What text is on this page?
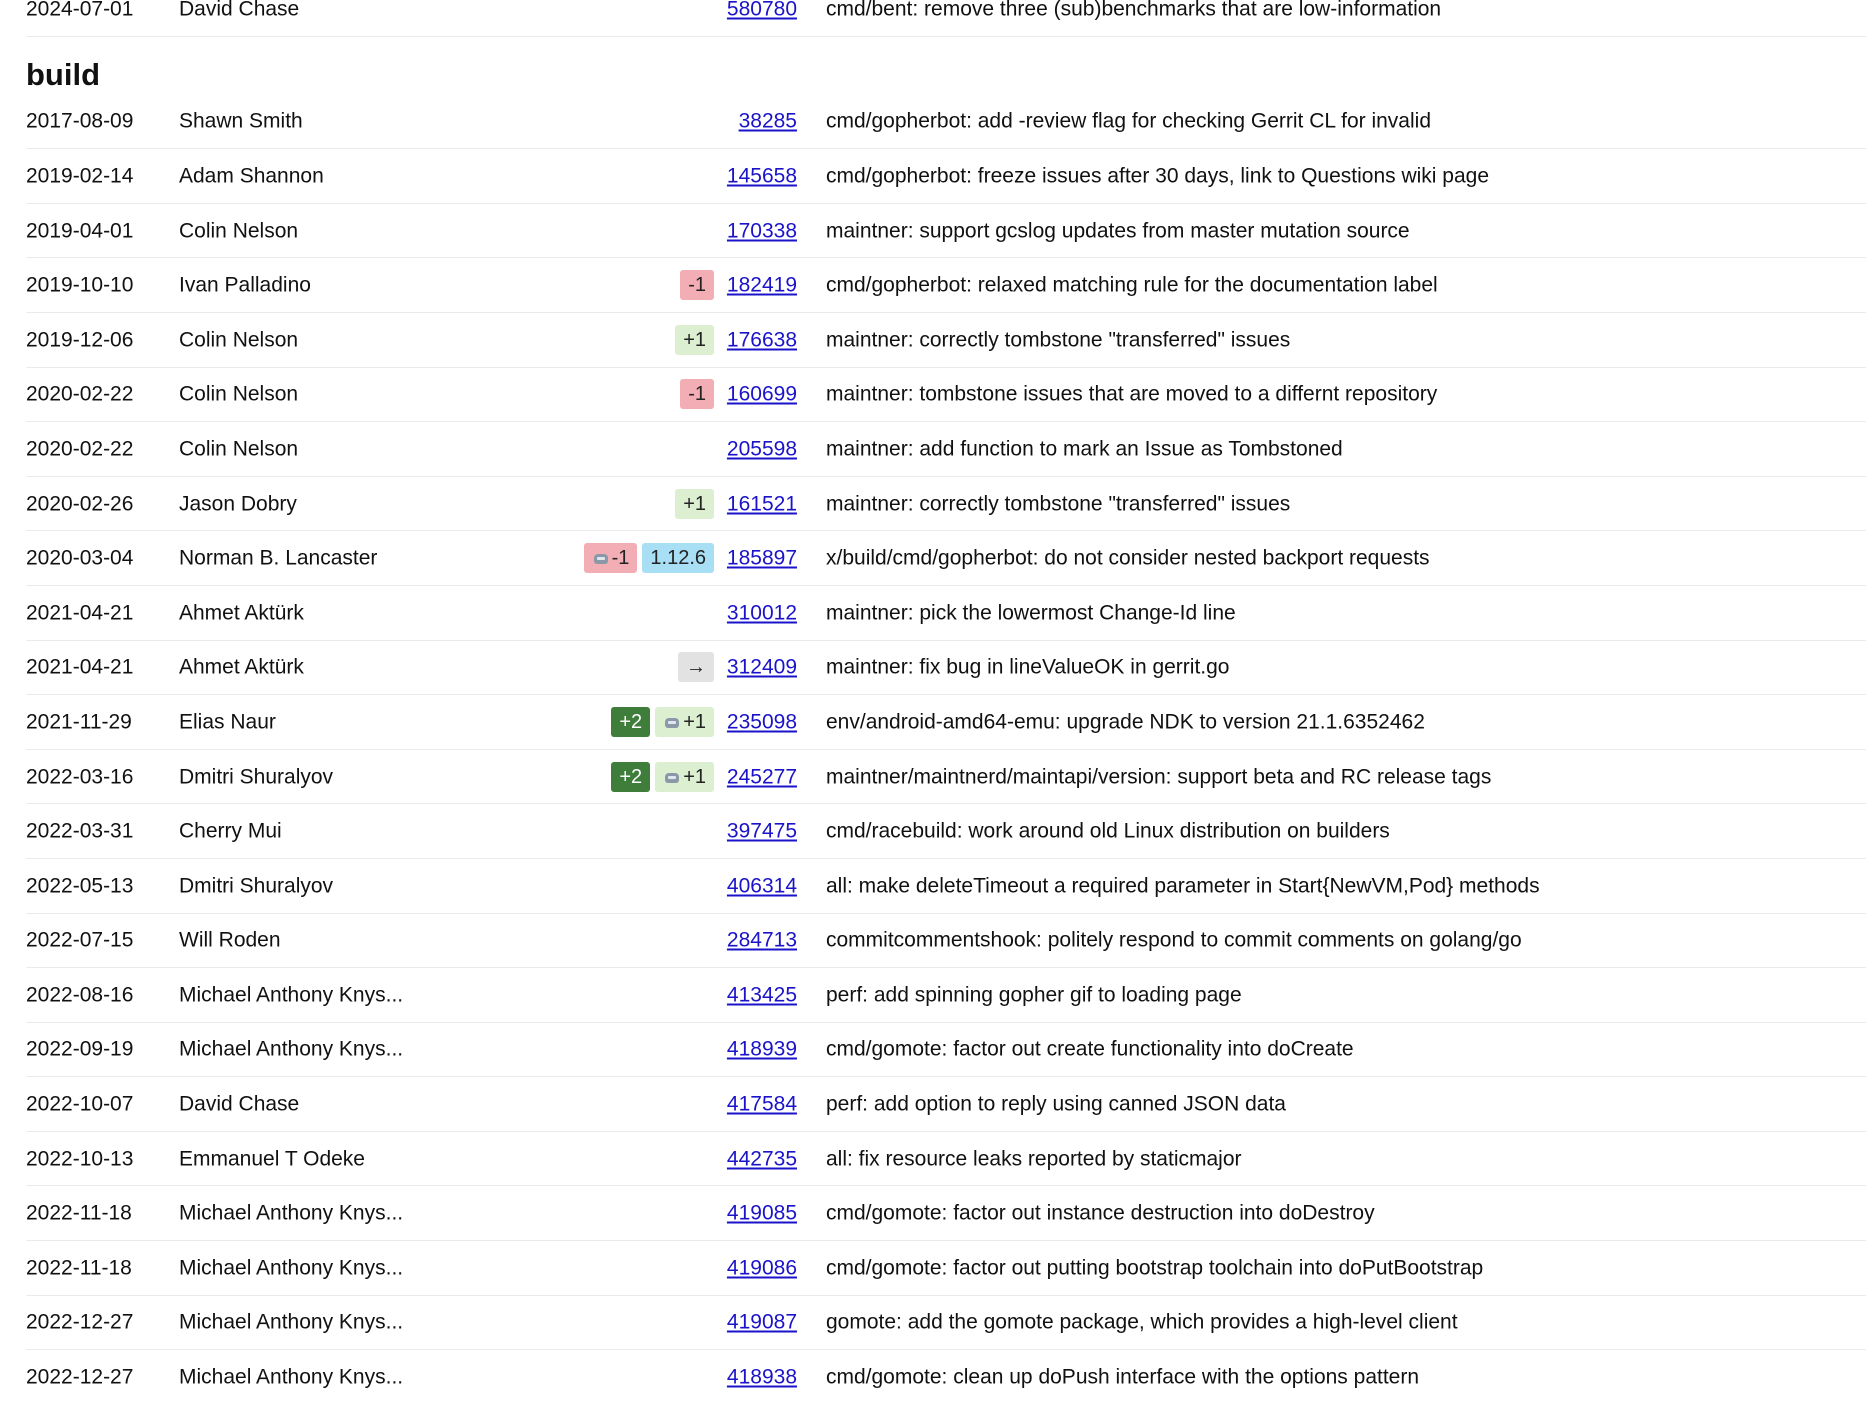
2024-07-01 David Chase	580780 cmd/bent: remove three (sub)benchmarks that are low-information
build
2017-08-09 Shawn Smith	38285 cmd/gopherbot: add -review flag for checking Gerrit CL for invalid
2019-02-14 Adam Shannon	145658 cmd/gopherbot: freeze issues after 30 days, link to Questions wiki page
2019-04-01 Colin Nelson	170338 maintner: support gcslog updates from master mutation source
2019-10-10 Ivan Palladino	-1 182419 cmd/gopherbot: relaxed matching rule for the documentation label
2019-12-06 Colin Nelson	+1 176638 maintner: correctly tombstone "transferred" issues
2020-02-22 Colin Nelson	-1 160699 maintner: tombstone issues that are moved to a differnt repository
2020-02-22 Colin Nelson	205598 maintner: add function to mark an Issue as Tombstoned
2020-02-26 Jason Dobry	+1 161521 maintner: correctly tombstone "transferred" issues
2020-03-04 Norman B. Lancaster	-1 1.12.6 185897 x/build/cmd/gopherbot: do not consider nested backport requests
2021-04-21 Ahmet Aktürk	310012 maintner: pick the lowermost Change-Id line
2021-04-21 Ahmet Aktürk	→ 312409 maintner: fix bug in lineValueOK in gerrit.go
2021-11-29 Elias Naur	+2 +1 235098 env/android-amd64-emu: upgrade NDK to version 21.1.6352462
2022-03-16 Dmitri Shuralyov	+2 +1 245277 maintner/maintnerd/maintapi/version: support beta and RC release tags
2022-03-31 Cherry Mui	397475 cmd/racebuild: work around old Linux distribution on builders
2022-05-13 Dmitri Shuralyov	406314 all: make deleteTimeout a required parameter in Start{NewVM,Pod} methods
2022-07-15 Will Roden	284713 commitcommentshook: politely respond to commit comments on golang/go
2022-08-16 Michael Anthony Knys...	413425 perf: add spinning gopher gif to loading page
2022-09-19 Michael Anthony Knys...	418939 cmd/gomote: factor out create functionality into doCreate
2022-10-07 David Chase	417584 perf: add option to reply using canned JSON data
2022-10-13 Emmanuel T Odeke	442735 all: fix resource leaks reported by staticmajor
2022-11-18 Michael Anthony Knys...	419085 cmd/gomote: factor out instance destruction into doDestroy
2022-11-18 Michael Anthony Knys...	419086 cmd/gomote: factor out putting bootstrap toolchain into doPutBootstrap
2022-12-27 Michael Anthony Knys...	419087 gomote: add the gomote package, which provides a high-level client
2022-12-27 Michael Anthony Knys...	418938 cmd/gomote: clean up doPush interface with the options pattern
